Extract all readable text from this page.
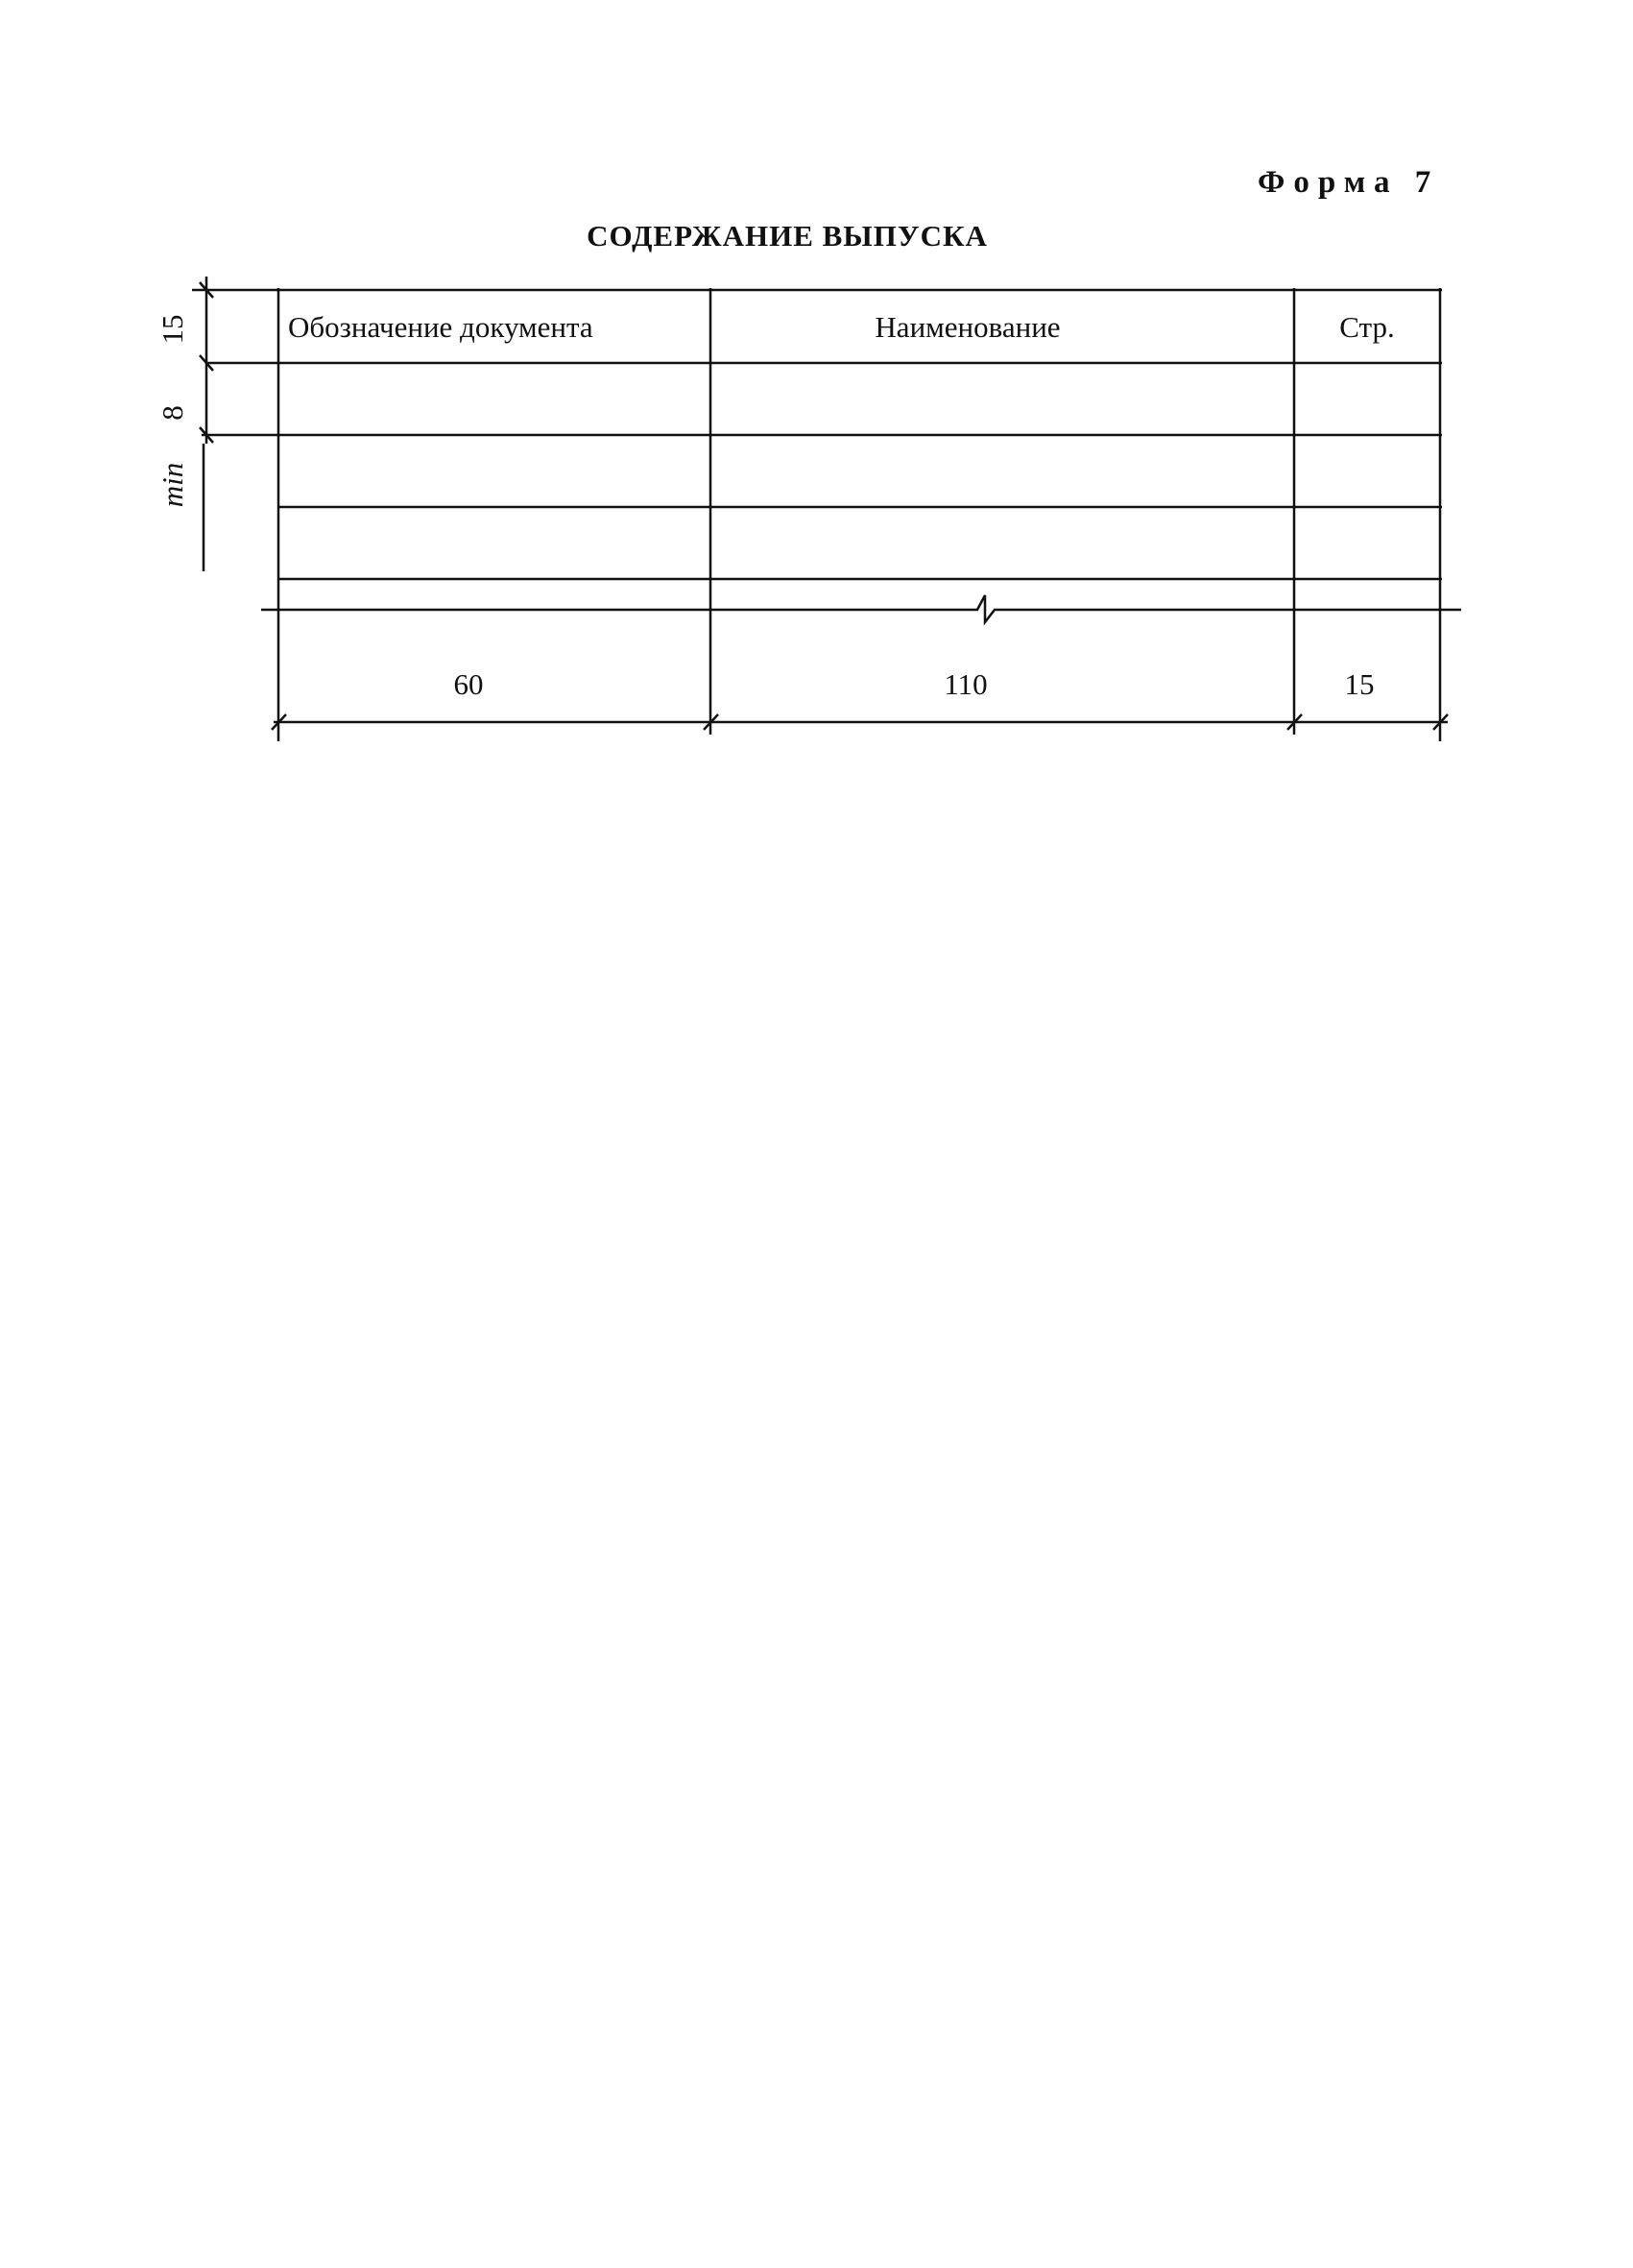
Форма 7
СОДЕРЖАНИЕ ВЫПУСКА
Обозначение документа	Наименование	Стр.
15
8
min
60	110	15
